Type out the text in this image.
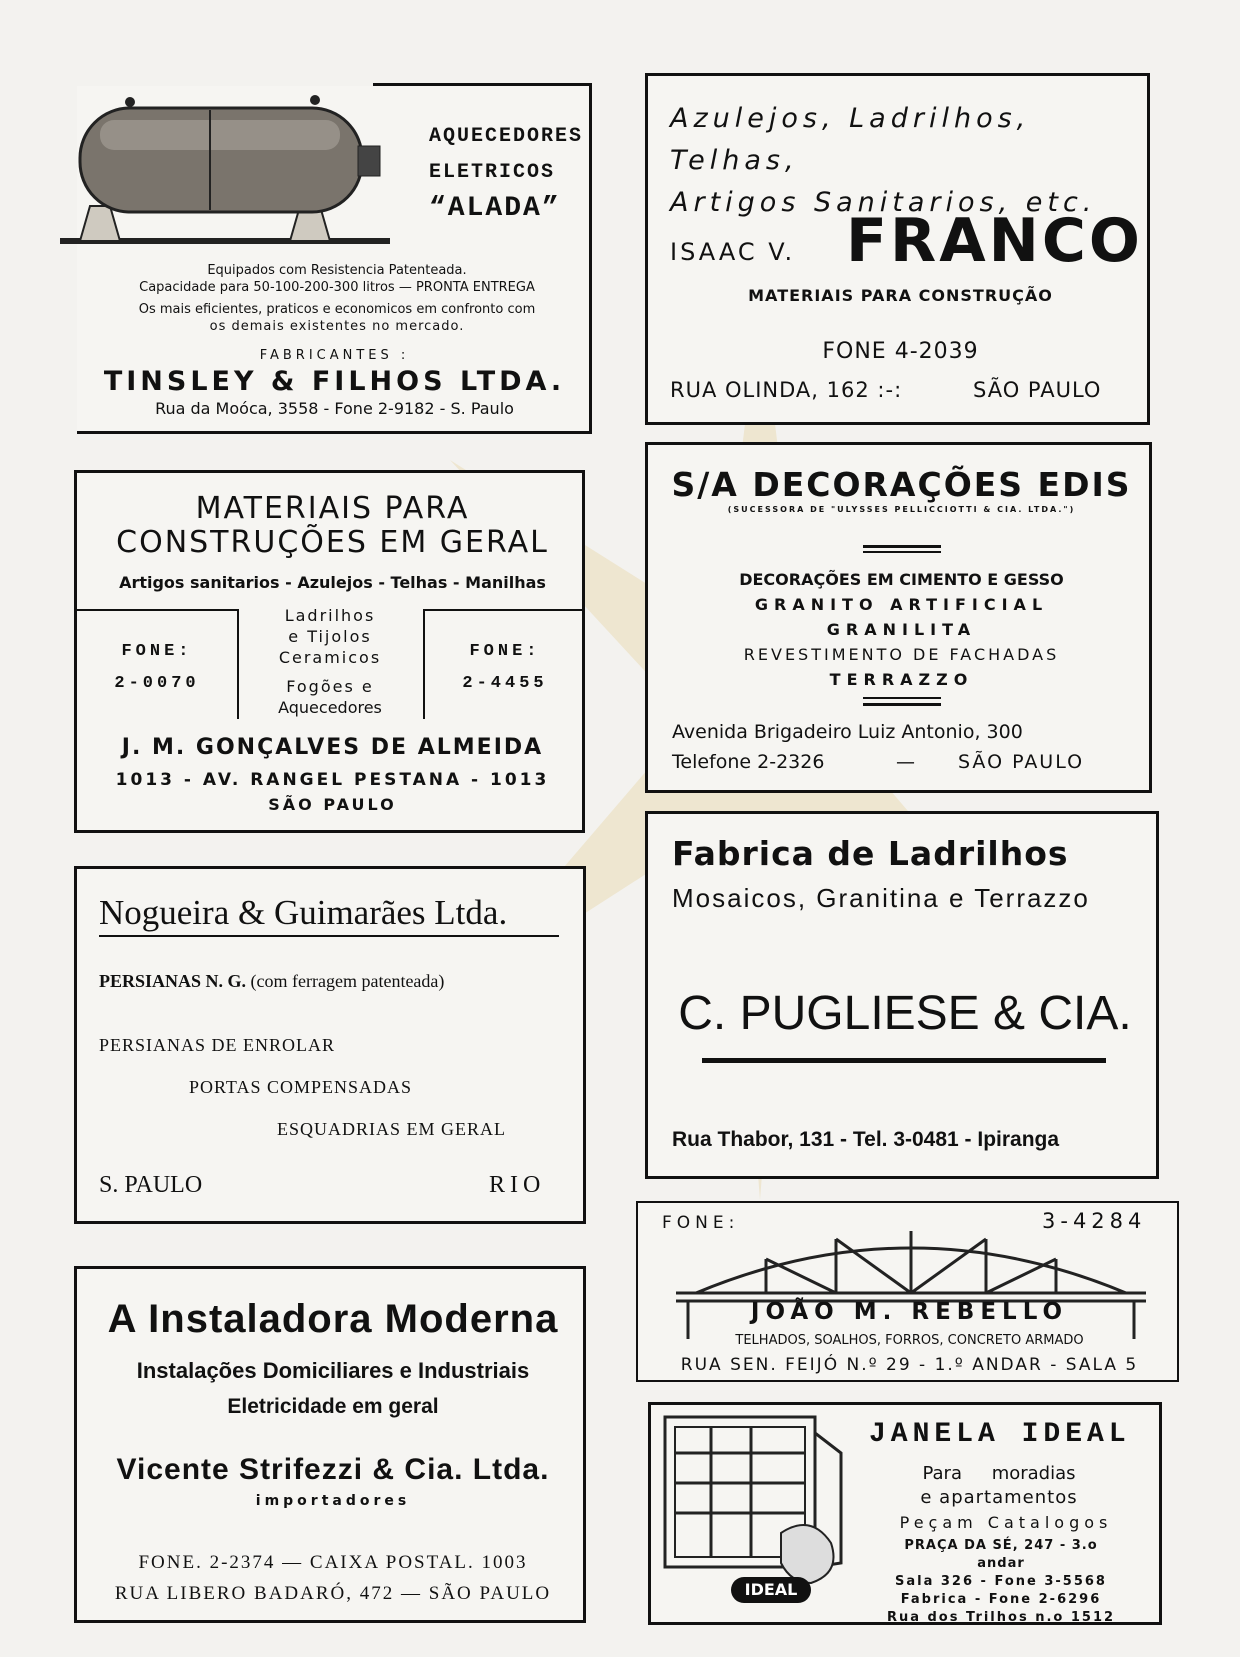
AQUECEDORES
ELETRICOS
“ALADA”
Equipados com Resistencia Patenteada.
Capacidade para 50-100-200-300 litros — PRONTA ENTREGA
Os mais eficientes, praticos e economicos em confronto com
os demais existentes no mercado.
FABRICANTES :
TINSLEY & FILHOS LTDA.
Rua da Moóca, 3558 - Fone 2-9182 - S. Paulo
Azulejos, Ladrilhos, Telhas,
Artigos Sanitarios, etc.
ISAAC V. FRANCO
MATERIAIS PARA CONSTRUÇÃO
FONE 4-2039
RUA OLINDA, 162 :-:	SÃO PAULO
MATERIAIS PARA
CONSTRUÇÕES EM GERAL
Artigos sanitarios - Azulejos - Telhas - Manilhas
FONE:
2-0070
Ladrilhos
e Tijolos
Ceramicos
Fogões e
Aquecedores
FONE:
2-4455
J. M. GONÇALVES DE ALMEIDA
1013 - AV. RANGEL PESTANA - 1013
SÃO PAULO
S/A DECORAÇÕES EDIS
(SUCESSORA DE "ULYSSES PELLICCIOTTI & CIA. LTDA.")
DECORAÇÕES EM CIMENTO E GESSO
GRANITO ARTIFICIAL
GRANILITA
REVESTIMENTO DE FACHADAS
TERRAZZO
Avenida Brigadeiro Luiz Antonio, 300
Telefone 2-2326	— SÃO PAULO
Nogueira & Guimarães Ltda.
PERSIANAS N. G. (com ferragem patenteada)
PERSIANAS DE ENROLAR
PORTAS COMPENSADAS
ESQUADRIAS EM GERAL
S. PAULO	RIO
Fabrica de Ladrilhos
Mosaicos, Granitina e Terrazzo
C. PUGLIESE & CIA.
Rua Thabor, 131 - Tel. 3-0481 - Ipiranga
FONE:	3-4284
JOÃO M. REBELLO
TELHADOS, SOALHOS, FORROS, CONCRETO ARMADO
RUA SEN. FEIJÓ N.º 29 - 1.º ANDAR - SALA 5
A Instaladora Moderna
Instalações Domiciliares e Industriais
Eletricidade em geral
Vicente Strifezzi & Cia. Ltda.
importadores
FONE. 2-2374 — CAIXA POSTAL. 1003
RUA LIBERO BADARÓ, 472 — SÃO PAULO	IDEAL
JANELA IDEAL
Para moradias
e apartamentos
Peçam Catalogos
PRAÇA DA SÉ, 247 - 3.o andar
Sala 326 - Fone 3-5568
Fabrica - Fone 2-6296
Rua dos Trilhos n.o 1512
